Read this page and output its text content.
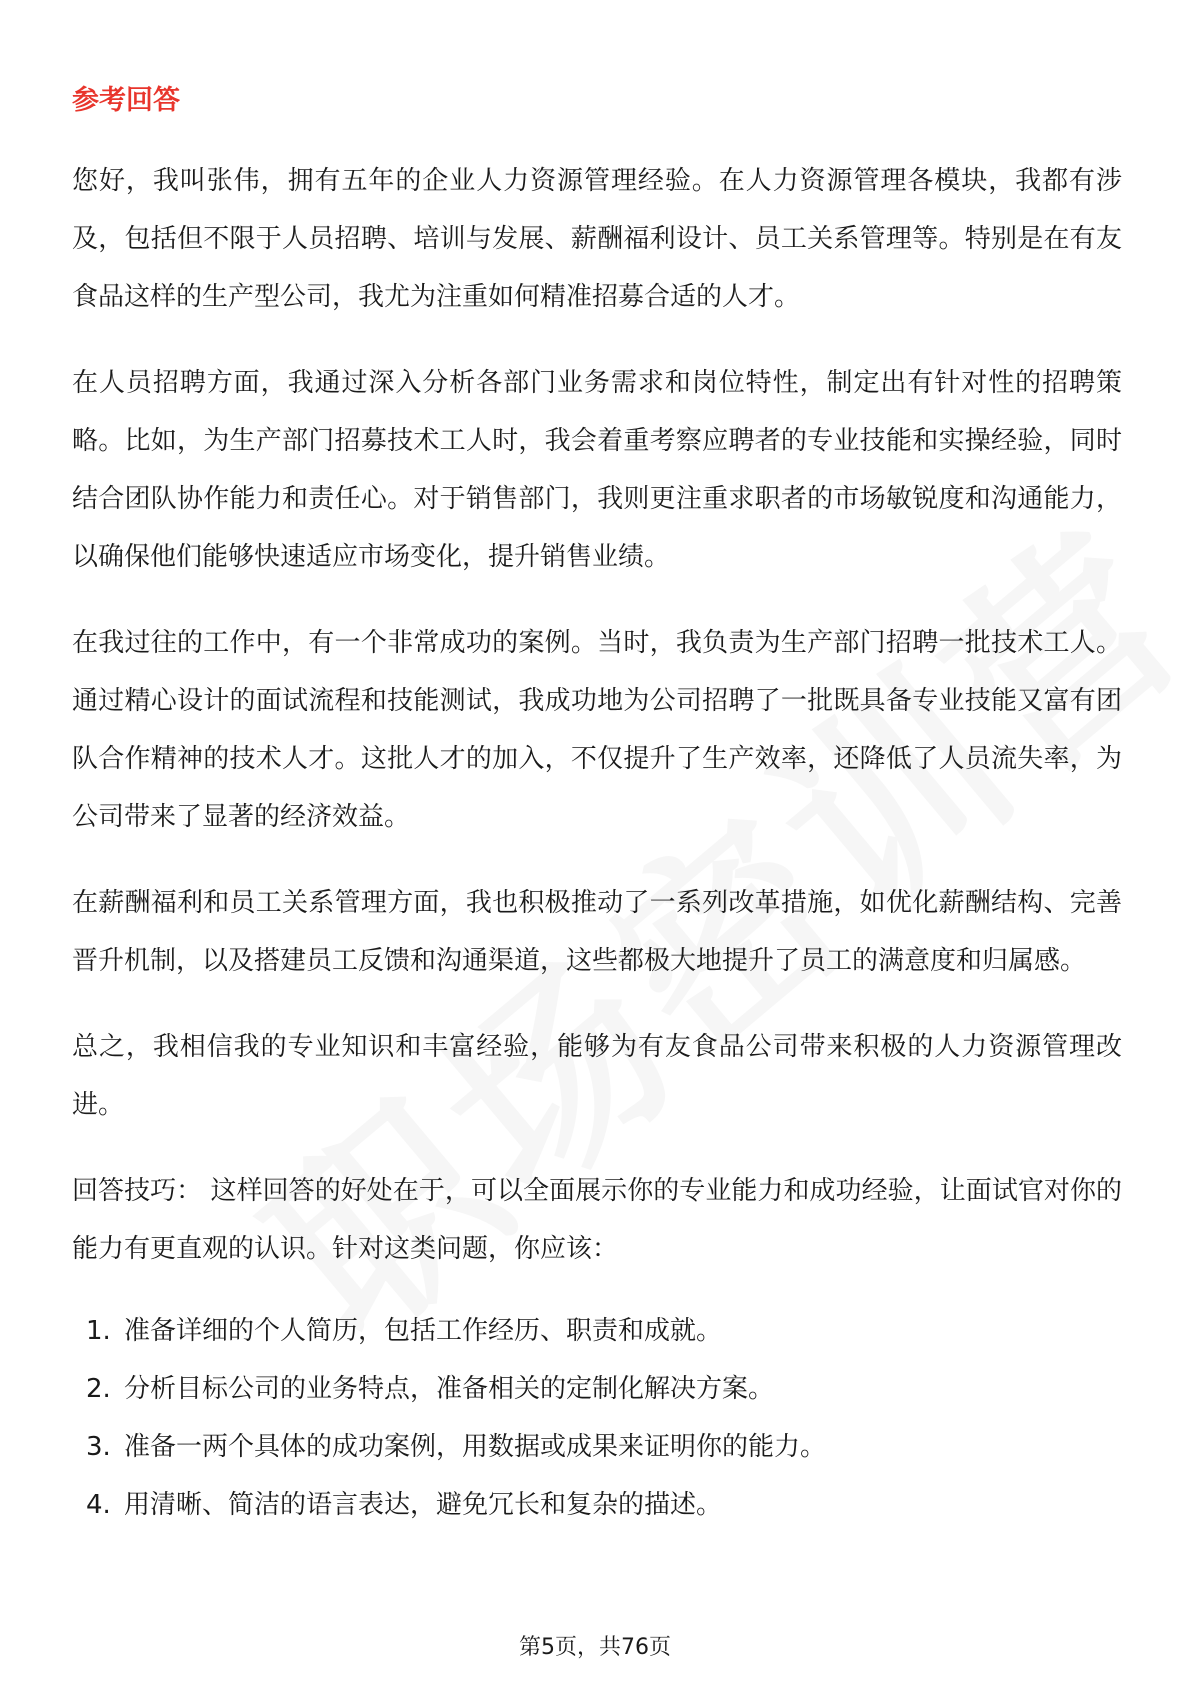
参考回答

您好，我叫张伟，拥有五年的企业人力资源管理经验。在人力资源管理各模块，我都有涉及，包括但不限于人员招聘、培训与发展、薪酬福利设计、员工关系管理等。特别是在有友食品这样的生产型公司，我尤为注重如何精准招募合适的人才。

在人员招聘方面，我通过深入分析各部门业务需求和岗位特性，制定出有针对性的招聘策略。比如，为生产部门招募技术工人时，我会着重考察应聘者的专业技能和实操经验，同时结合团队协作能力和责任心。对于销售部门，我则更注重求职者的市场敏锐度和沟通能力，以确保他们能够快速适应市场变化，提升销售业绩。

在我过往的工作中，有一个非常成功的案例。当时，我负责为生产部门招聘一批技术工人。通过精心设计的面试流程和技能测试，我成功地为公司招聘了一批既具备专业技能又富有团队合作精神的技术人才。这批人才的加入，不仅提升了生产效率，还降低了人员流失率，为公司带来了显著的经济效益。

在薪酬福利和员工关系管理方面，我也积极推动了一系列改革措施，如优化薪酬结构、完善晋升机制，以及搭建员工反馈和沟通渠道，这些都极大地提升了员工的满意度和归属感。

总之，我相信我的专业知识和丰富经验，能够为有友食品公司带来积极的人力资源管理改进。

回答技巧： 这样回答的好处在于，可以全面展示你的专业能力和成功经验，让面试官对你的能力有更直观的认识。针对这类问题，你应该：

1. 准备详细的个人简历，包括工作经历、职责和成就。
2. 分析目标公司的业务特点，准备相关的定制化解决方案。
3. 准备一两个具体的成功案例，用数据或成果来证明你的能力。
4. 用清晰、简洁的语言表达，避免冗长和复杂的描述。
第5页，共76页
